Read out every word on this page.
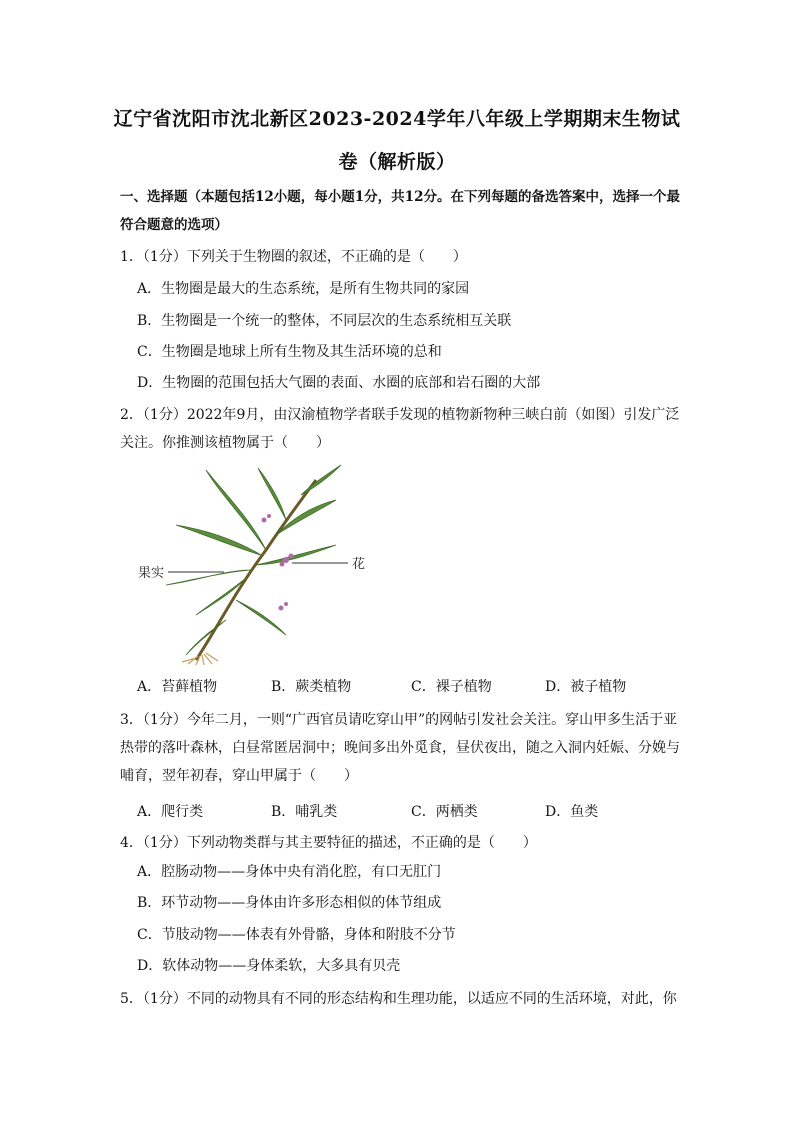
辽宁省沈阳市沈北新区2023-2024学年八年级上学期期末生物试
卷（解析版）
一、选择题（本题包括12小题，每小题1分，共12分。在下列每题的备选答案中，选择一个最符合题意的选项）
1．（1分）下列关于生物圈的叙述，不正确的是（　　）
A．生物圈是最大的生态系统，是所有生物共同的家园
B．生物圈是一个统一的整体，不同层次的生态系统相互关联
C．生物圈是地球上所有生物及其生活环境的总和
D．生物圈的范围包括大气圈的表面、水圈的底部和岩石圈的大部
2．（1分）2022年9月，由汉渝植物学者联手发现的植物新物种三峡白前（如图）引发广泛关注。你推测该植物属于（　　）
果实
花
A．苔藓植物	B．蕨类植物	C．裸子植物	D．被子植物
3．（1分）今年二月，一则“广西官员请吃穿山甲”的网帖引发社会关注。穿山甲多生活于亚热带的落叶森林，白昼常匿居洞中；晚间多出外觅食，昼伏夜出，随之入洞内妊娠、分娩与哺育，翌年初春，穿山甲属于（　　）
A．爬行类	B．哺乳类	C．两栖类	D．鱼类
4．（1分）下列动物类群与其主要特征的描述，不正确的是（　　）
A．腔肠动物——身体中央有消化腔，有口无肛门
B．环节动物——身体由许多形态相似的体节组成
C．节肢动物——体表有外骨骼，身体和附肢不分节
D．软体动物——身体柔软，大多具有贝壳
5．（1分）不同的动物具有不同的形态结构和生理功能，以适应不同的生活环境，对此，你
